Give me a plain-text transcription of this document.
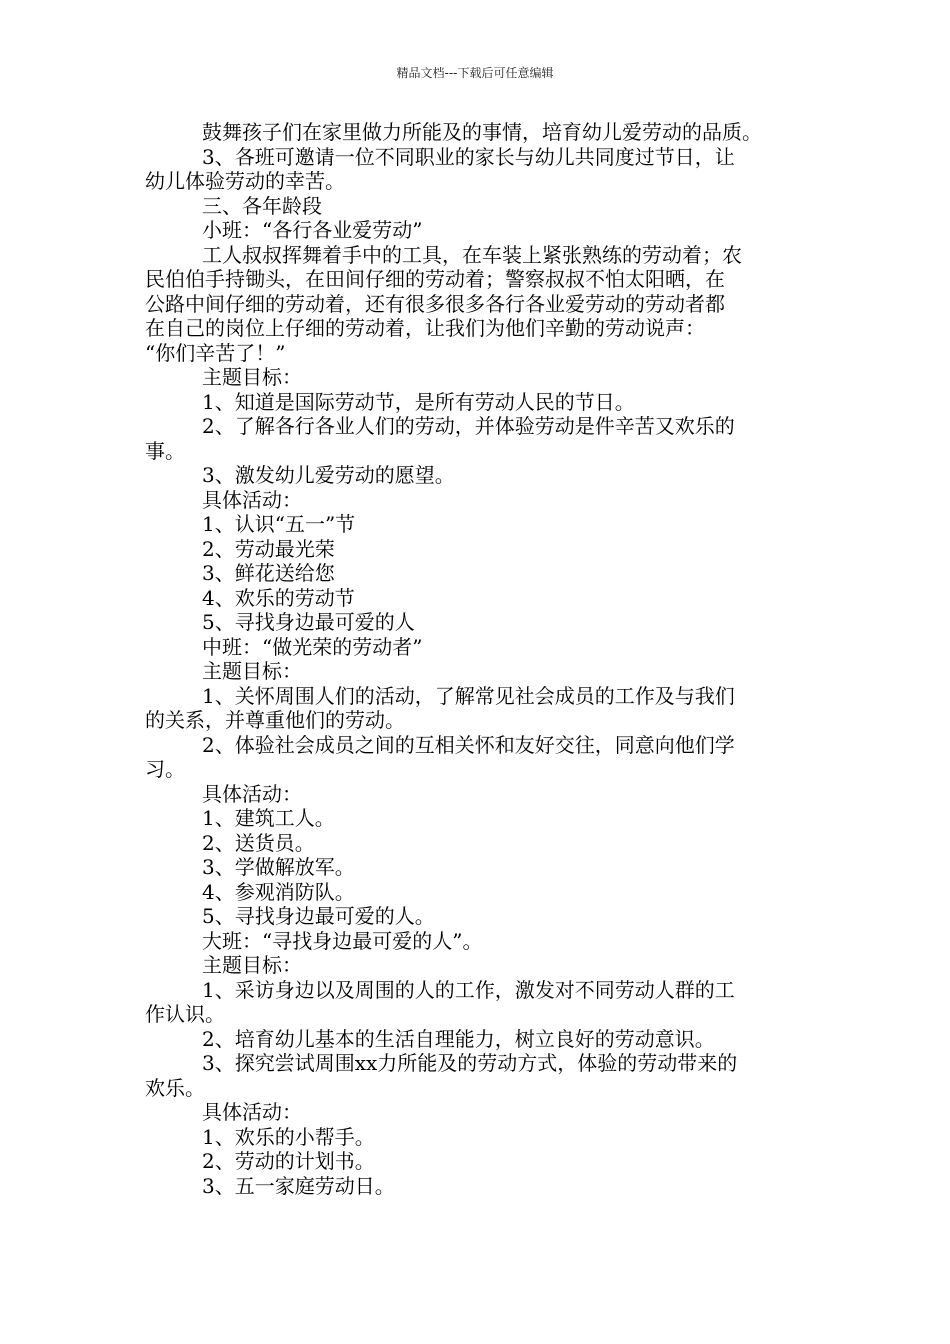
精品文档---下载后可任意编辑

鼓舞孩子们在家里做力所能及的事情，培育幼儿爱劳动的品质。

3、各班可邀请一位不同职业的家长与幼儿共同度过节日，让

幼儿体验劳动的幸苦。

三、各年龄段

小班：“各行各业爱劳动”

工人叔叔挥舞着手中的工具，在车装上紧张熟练的劳动着；农

民伯伯手持锄头，在田间仔细的劳动着；警察叔叔不怕太阳晒，在

公路中间仔细的劳动着，还有很多很多各行各业爱劳动的劳动者都

在自己的岗位上仔细的劳动着，让我们为他们辛勤的劳动说声：

“你们辛苦了！”

主题目标：

1、知道是国际劳动节，是所有劳动人民的节日。

2、了解各行各业人们的劳动，并体验劳动是件辛苦又欢乐的

事。

3、激发幼儿爱劳动的愿望。

具体活动：

1、认识“五一”节

2、劳动最光荣

3、鲜花送给您

4、欢乐的劳动节

5、寻找身边最可爱的人

中班：“做光荣的劳动者”

主题目标：

1、关怀周围人们的活动，了解常见社会成员的工作及与我们

的关系，并尊重他们的劳动。

2、体验社会成员之间的互相关怀和友好交往，同意向他们学

习。

具体活动：

1、建筑工人。

2、送货员。

3、学做解放军。

4、参观消防队。

5、寻找身边最可爱的人。

大班：“寻找身边最可爱的人”。

主题目标：

1、采访身边以及周围的人的工作，激发对不同劳动人群的工

作认识。

2、培育幼儿基本的生活自理能力，树立良好的劳动意识。

3、探究尝试周围xx力所能及的劳动方式，体验的劳动带来的

欢乐。

具体活动：

1、欢乐的小帮手。

2、劳动的计划书。

3、五一家庭劳动日。
